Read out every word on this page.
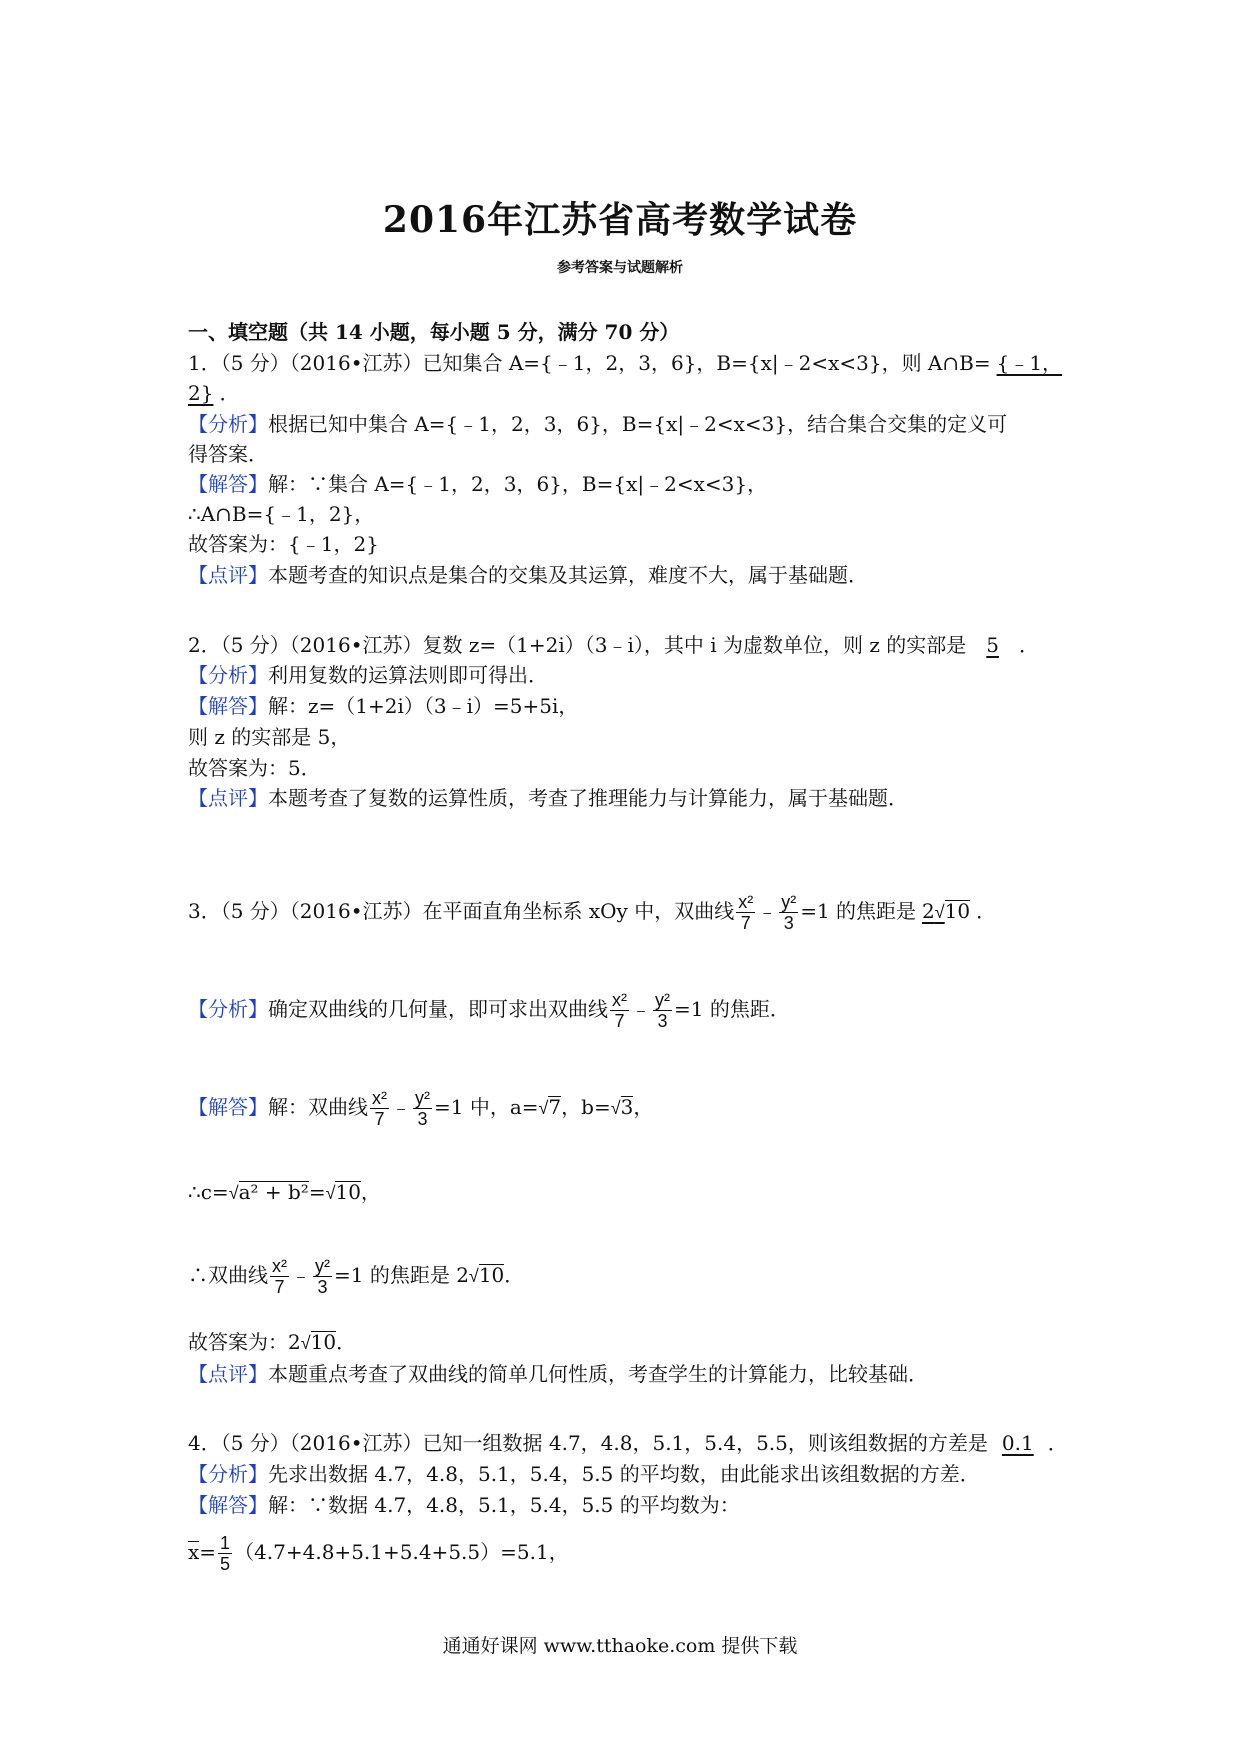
2016年江苏省高考数学试卷
参考答案与试题解析
一、填空题（共 14 小题，每小题 5 分，满分 70 分）
1．（5 分）（2016•江苏）已知集合 A={﹣1，2，3，6}，B={x|﹣2<x<3}，则 A∩B= {﹣1，
2} ．
【分析】根据已知中集合 A={﹣1，2，3，6}，B={x|﹣2<x<3}，结合集合交集的定义可
得答案．
【解答】解：∵集合 A={﹣1，2，3，6}，B={x|﹣2<x<3}，
∴A∩B={﹣1，2}，
故答案为：{﹣1，2}
【点评】本题考查的知识点是集合的交集及其运算，难度不大，属于基础题．
2．（5 分）（2016•江苏）复数 z=（1+2i）（3﹣i），其中 i 为虚数单位，则 z 的实部是 5 ．
【分析】利用复数的运算法则即可得出．
【解答】解：z=（1+2i）（3﹣i）=5+5i，
则 z 的实部是 5，
故答案为：5．
【点评】本题考查了复数的运算性质，考查了推理能力与计算能力，属于基础题．
3．（5 分）（2016•江苏）在平面直角坐标系 xOy 中，双曲线 $\frac{\text{x²}}{7}$ ﹣ $\frac{\text{y²}}{3} =1$ 的焦距是 2√10 ．
【分析】确定双曲线的几何量，即可求出双曲线 $\frac{\text{x²}}{7}$ ﹣ $\frac{\text{y²}}{3} =1$ 的焦距．
【解答】解：双曲线 $\frac{\text{x²}}{7}$ ﹣ $\frac{\text{y²}}{3} =1$ 中，a=√7，b=√3，
∴c=√a² + b²=√10，
∴双曲线 $\frac{\text{x²}}{7}$ ﹣ $\frac{\text{y²}}{3} =1$ 的焦距是 2√10．
故答案为：2√10．
【点评】本题重点考查了双曲线的简单几何性质，考查学生的计算能力，比较基础．
4．（5 分）（2016•江苏）已知一组数据 4.7，4.8，5.1，5.4，5.5，则该组数据的方差是 0.1 ．
【分析】先求出数据 4.7，4.8，5.1，5.4，5.5 的平均数，由此能求出该组数据的方差．
【解答】解：∵数据 4.7，4.8，5.1，5.4，5.5 的平均数为：
$x= \frac{1}{5} (4.7+4.8+5.1+5.4+5.5)=5.1$，
通通好课网 www.tthaoke.com 提供下载
